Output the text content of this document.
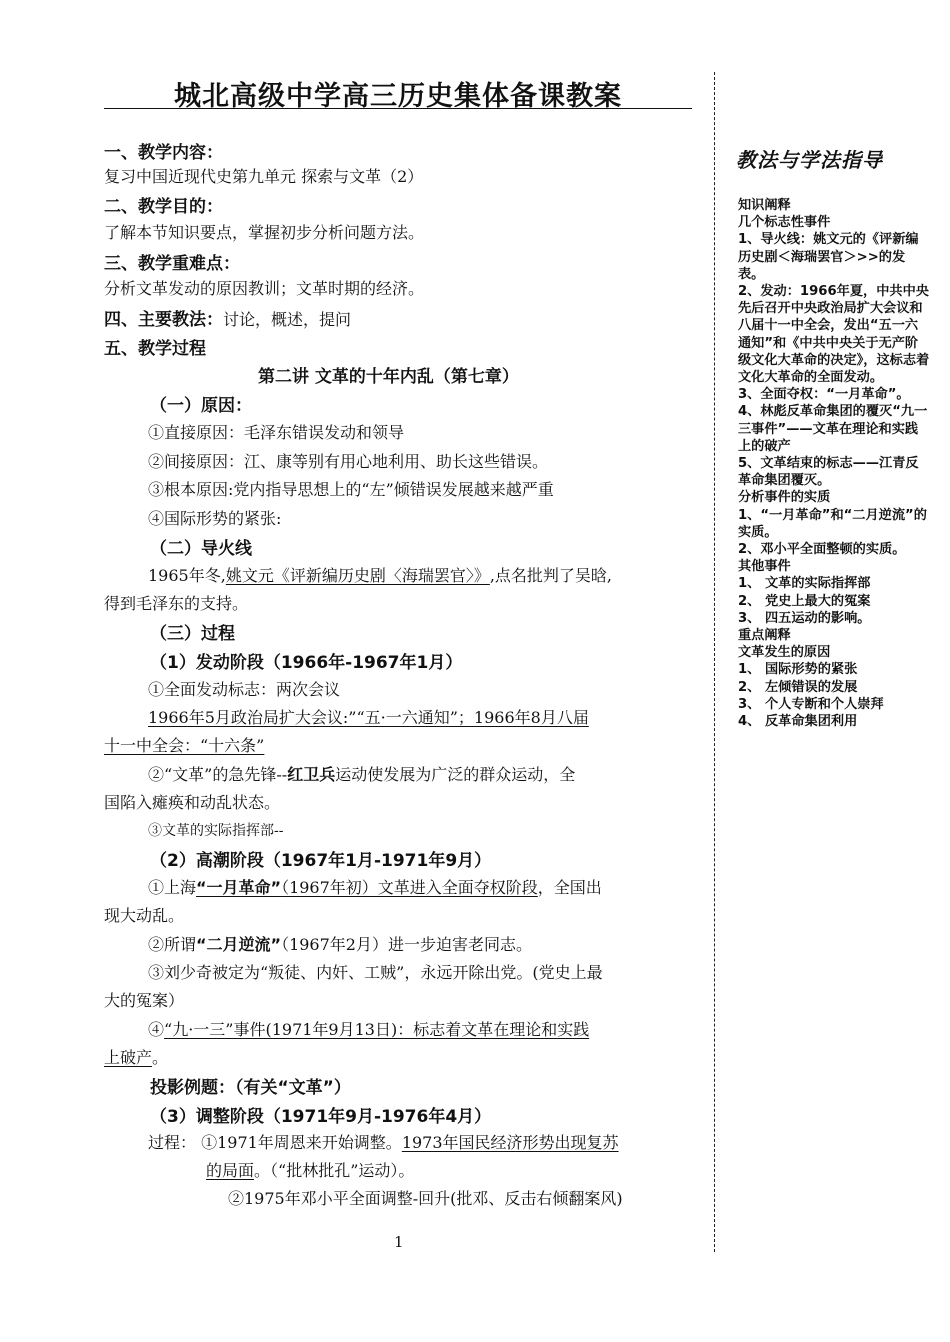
城北高级中学高三历史集体备课教案
一、教学内容：
复习中国近现代史第九单元 探索与文革（2）
二、教学目的：
了解本节知识要点，掌握初步分析问题方法。
三、教学重难点：
分析文革发动的原因教训；文革时期的经济。
四、主要教法：讨论，概述，提问
五、教学过程
第二讲 文革的十年内乱（第七章）
（一）原因：
①直接原因：毛泽东错误发动和领导
②间接原因：江、康等别有用心地利用、助长这些错误。
③根本原因:党内指导思想上的“左”倾错误发展越来越严重
④国际形势的紧张:
（二）导火线
1965年冬,姚文元《评新编历史剧〈海瑞罢官〉》,点名批判了吴晗,
得到毛泽东的支持。
（三）过程
（1）发动阶段（1966年-1967年1月）
①全面发动标志：两次会议
1966年5月政治局扩大会议:”“五·一六通知”；1966年8月八届
十一中全会：“十六条”
②“文革”的急先锋--红卫兵运动使发展为广泛的群众运动，全
国陷入瘫痪和动乱状态。
③文革的实际指挥部--
（2）高潮阶段（1967年1月-1971年9月）
①上海“一月革命”（1967年初）文革进入全面夺权阶段，全国出
现大动乱。
②所谓“二月逆流”（1967年2月）进一步迫害老同志。
③刘少奇被定为“叛徒、内奸、工贼”，永远开除出党。(党史上最
大的冤案）
④“九·一三”事件(1971年9月13日)：标志着文革在理论和实践
上破产。
投影例题：（有关“文革”）
（3）调整阶段（1971年9月-1976年4月）
过程： ①1971年周恩来开始调整。1973年国民经济形势出现复苏
的局面。（“批林批孔”运动）。
②1975年邓小平全面调整-回升(批邓、反击右倾翻案风)
1
教法与学法指导
知识阐释
几个标志性事件
1、导火线：姚文元的《评新编历史剧＜海瑞罢官＞>>的发表。
2、发动：1966年夏，中共中央先后召开中央政治局扩大会议和八届十一中全会，发出“五一六通知”和《中共中央关于无产阶级文化大革命的决定》，这标志着文化大革命的全面发动。
3、全面夺权：“一月革命”。
4、林彪反革命集团的覆灭“九一三事件”——文革在理论和实践上的破产
5、文革结束的标志——江青反革命集团覆灭。
分析事件的实质
1、“一月革命”和“二月逆流”的实质。
2、邓小平全面整顿的实质。
其他事件
1、 文革的实际指挥部
2、 党史上最大的冤案
3、 四五运动的影响。
重点阐释
文革发生的原因
1、 国际形势的紧张
2、 左倾错误的发展
3、 个人专断和个人崇拜
4、 反革命集团利用
